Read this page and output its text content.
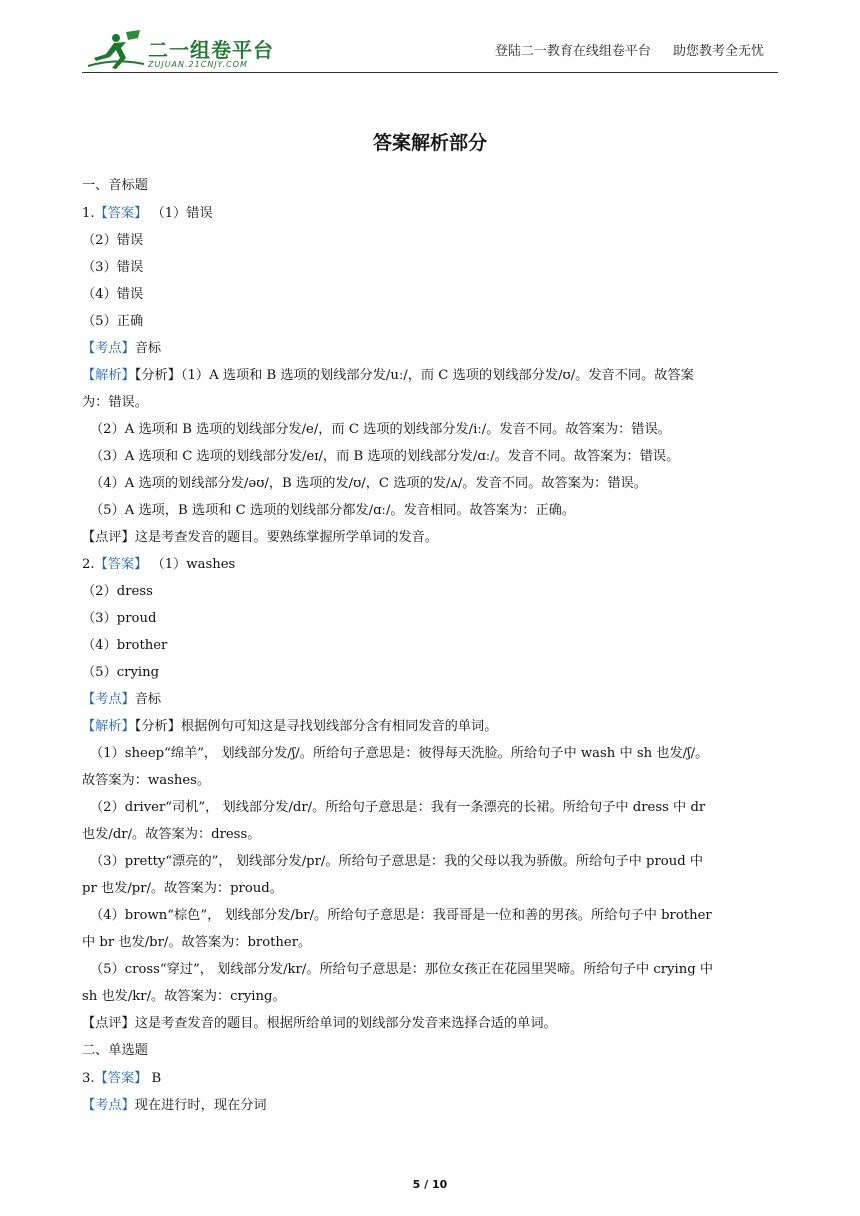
二一组卷平台
ZUJUAN.21CNJY.COM
登陆二一教育在线组卷平台 助您教考全无忧
答案解析部分
一、音标题
1.【答案】 （1）错误
（2）错误
（3）错误
（4）错误
（5）正确
【考点】音标
【解析】【分析】（1）A 选项和 B 选项的划线部分发/uː/，而 C 选项的划线部分发/ʊ/。发音不同。故答案
为：错误。
（2）A 选项和 B 选项的划线部分发/e/，而 C 选项的划线部分发/iː/。发音不同。故答案为：错误。
（3）A 选项和 C 选项的划线部分发/eɪ/，而 B 选项的划线部分发/ɑː/。发音不同。故答案为：错误。
（4）A 选项的划线部分发/əʊ/，B 选项的发/ʊ/，C 选项的发/ʌ/。发音不同。故答案为：错误。
（5）A 选项，B 选项和 C 选项的划线部分都发/ɑː/。发音相同。故答案为：正确。
【点评】这是考查发音的题目。要熟练掌握所学单词的发音。
2.【答案】 （1）washes
（2）dress
（3）proud
（4）brother
（5）crying
【考点】音标
【解析】【分析】根据例句可知这是寻找划线部分含有相同发音的单词。
（1）sheep“绵羊”， 划线部分发/ʃ/。所给句子意思是：彼得每天洗脸。所给句子中 wash 中 sh 也发/ʃ/。
故答案为：washes。
（2）driver“司机”， 划线部分发/dr/。所给句子意思是：我有一条漂亮的长裙。所给句子中 dress 中 dr
也发/dr/。故答案为：dress。
（3）pretty“漂亮的”， 划线部分发/pr/。所给句子意思是：我的父母以我为骄傲。所给句子中 proud 中
pr 也发/pr/。故答案为：proud。
（4）brown“棕色”， 划线部分发/br/。所给句子意思是：我哥哥是一位和善的男孩。所给句子中 brother
中 br 也发/br/。故答案为：brother。
（5）cross“穿过”， 划线部分发/kr/。所给句子意思是：那位女孩正在花园里哭啼。所给句子中 crying 中
sh 也发/kr/。故答案为：crying。
【点评】这是考查发音的题目。根据所给单词的划线部分发音来选择合适的单词。
二、单选题
3.【答案】 B
【考点】现在进行时，现在分词
5 / 10
